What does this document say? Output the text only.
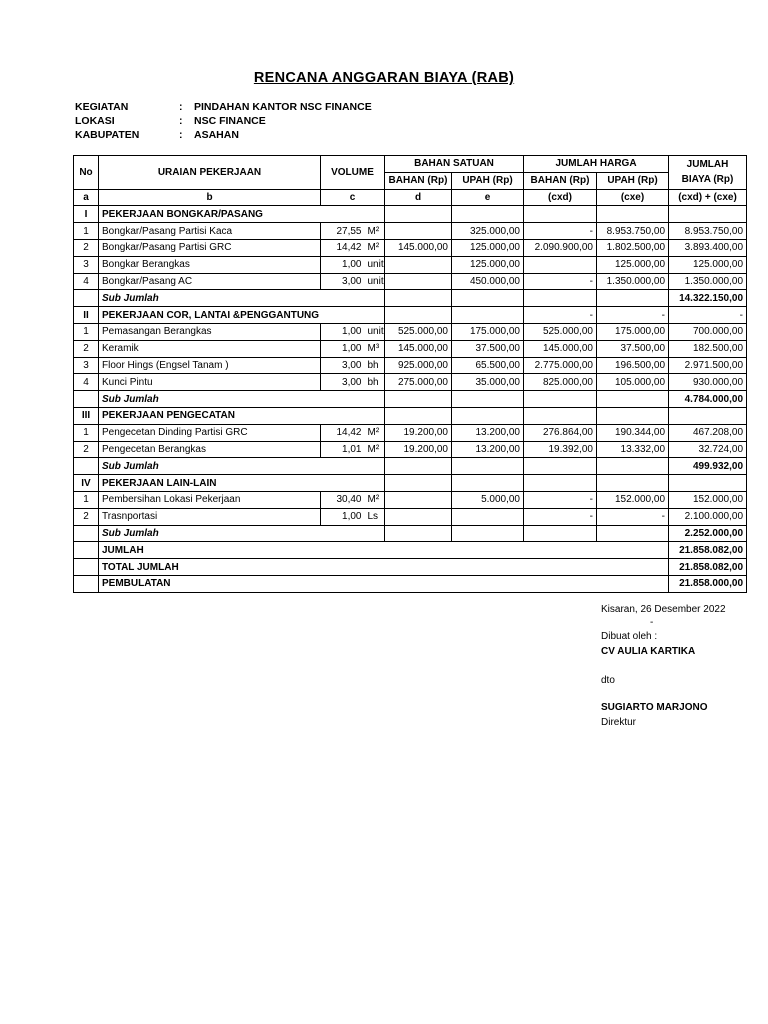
RENCANA ANGGARAN BIAYA (RAB)
KEGIATAN	: PINDAHAN KANTOR NSC FINANCE
LOKASI	: NSC FINANCE
KABUPATEN	: ASAHAN
No	URAIAN PEKERJAAN	VOLUME		BAHAN SATUAN		JUMLAH HARGA		JUMLAH BIAYA (Rp)
				BAHAN (Rp)	UPAH (Rp)	BAHAN (Rp)	UPAH (Rp)	
a	b	c		d	e	(cxd)	(cxe)	(cxd) + (cxe)
I	PEKERJAAN BONGKAR/PASANG							
1	Bongkar/Pasang Partisi Kaca	27,55	M²		325.000,00	-	8.953.750,00	8.953.750,00
2	Bongkar/Pasang Partisi GRC	14,42	M²	145.000,00	125.000,00	2.090.900,00	1.802.500,00	3.893.400,00
3	Bongkar Berangkas	1,00	unit		125.000,00		125.000,00	125.000,00
4	Bongkar/Pasang AC	3,00	unit		450.000,00	-	1.350.000,00	1.350.000,00
	Sub Jumlah							14.322.150,00
II	PEKERJAAN COR, LANTAI &PENGGANTUNG					-	-	-
1	Pemasangan Berangkas	1,00	unit	525.000,00	175.000,00	525.000,00	175.000,00	700.000,00
2	Keramik	1,00	M³	145.000,00	37.500,00	145.000,00	37.500,00	182.500,00
3	Floor Hings (Engsel Tanam )	3,00	bh	925.000,00	65.500,00	2.775.000,00	196.500,00	2.971.500,00
4	Kunci Pintu	3,00	bh	275.000,00	35.000,00	825.000,00	105.000,00	930.000,00
	Sub Jumlah							4.784.000,00
III	PEKERJAAN PENGECATAN							
1	Pengecetan Dinding Partisi GRC	14,42	M²	19.200,00	13.200,00	276.864,00	190.344,00	467.208,00
2	Pengecetan Berangkas	1,01	M²	19.200,00	13.200,00	19.392,00	13.332,00	32.724,00
	Sub Jumlah							499.932,00
IV	PEKERJAAN LAIN-LAIN							
1	Pembersihan Lokasi Pekerjaan	30,40	M²		5.000,00	-	152.000,00	152.000,00
2	Trasnportasi	1,00	Ls			-	-	2.100.000,00
	Sub Jumlah							2.252.000,00
	JUMLAH							21.858.082,00
	TOTAL JUMLAH							21.858.082,00
	PEMBULATAN							21.858.000,00
Kisaran, 26 Desember 2022
-
Dibuat oleh :
CV AULIA KARTIKA
dto
SUGIARTO MARJONO
Direktur
